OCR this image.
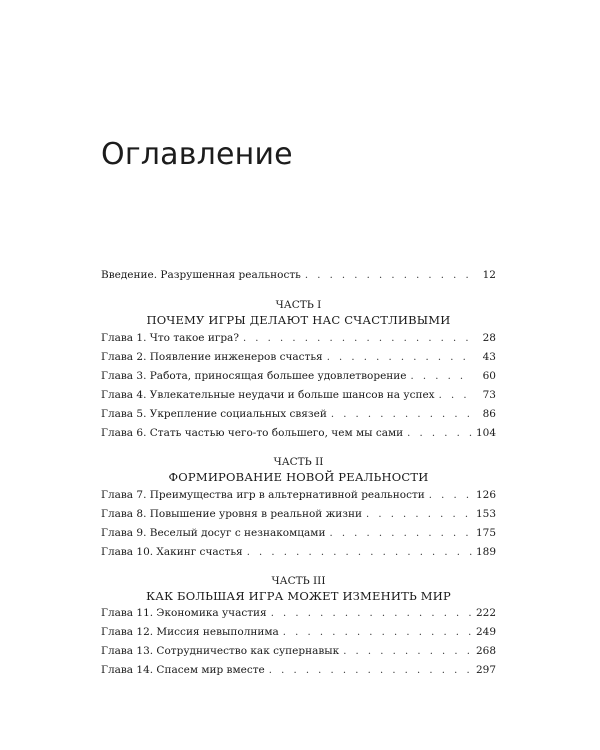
Оглавление
Введение. Разрушенная реальность . . .	12
ЧАСТЬ I
ПОЧЕМУ ИГРЫ ДЕЛАЮТ НАС СЧАСТЛИВЫМИ
Глава 1. Что такое игра? . . .	28
Глава 2. Появление инженеров счастья . . .	43
Глава 3. Работа, приносящая большее удовлетворение . . .	60
Глава 4. Увлекательные неудачи и больше шансов на успех . . .	73
Глава 5. Укрепление социальных связей . . .	86
Глава 6. Стать частью чего-то большего, чем мы сами . . .	104
ЧАСТЬ II
ФОРМИРОВАНИЕ НОВОЙ РЕАЛЬНОСТИ
Глава 7. Преимущества игр в альтернативной реальности . . .	126
Глава 8. Повышение уровня в реальной жизни . . .	153
Глава 9. Веселый досуг с незнакомцами . . .	175
Глава 10. Хакинг счастья . . .	189
ЧАСТЬ III
КАК БОЛЬШАЯ ИГРА МОЖЕТ ИЗМЕНИТЬ МИР
Глава 11. Экономика участия . . .	222
Глава 12. Миссия невыполнима . . .	249
Глава 13. Сотрудничество как супернавык . . .	268
Глава 14. Спасем мир вместе . . .	297
